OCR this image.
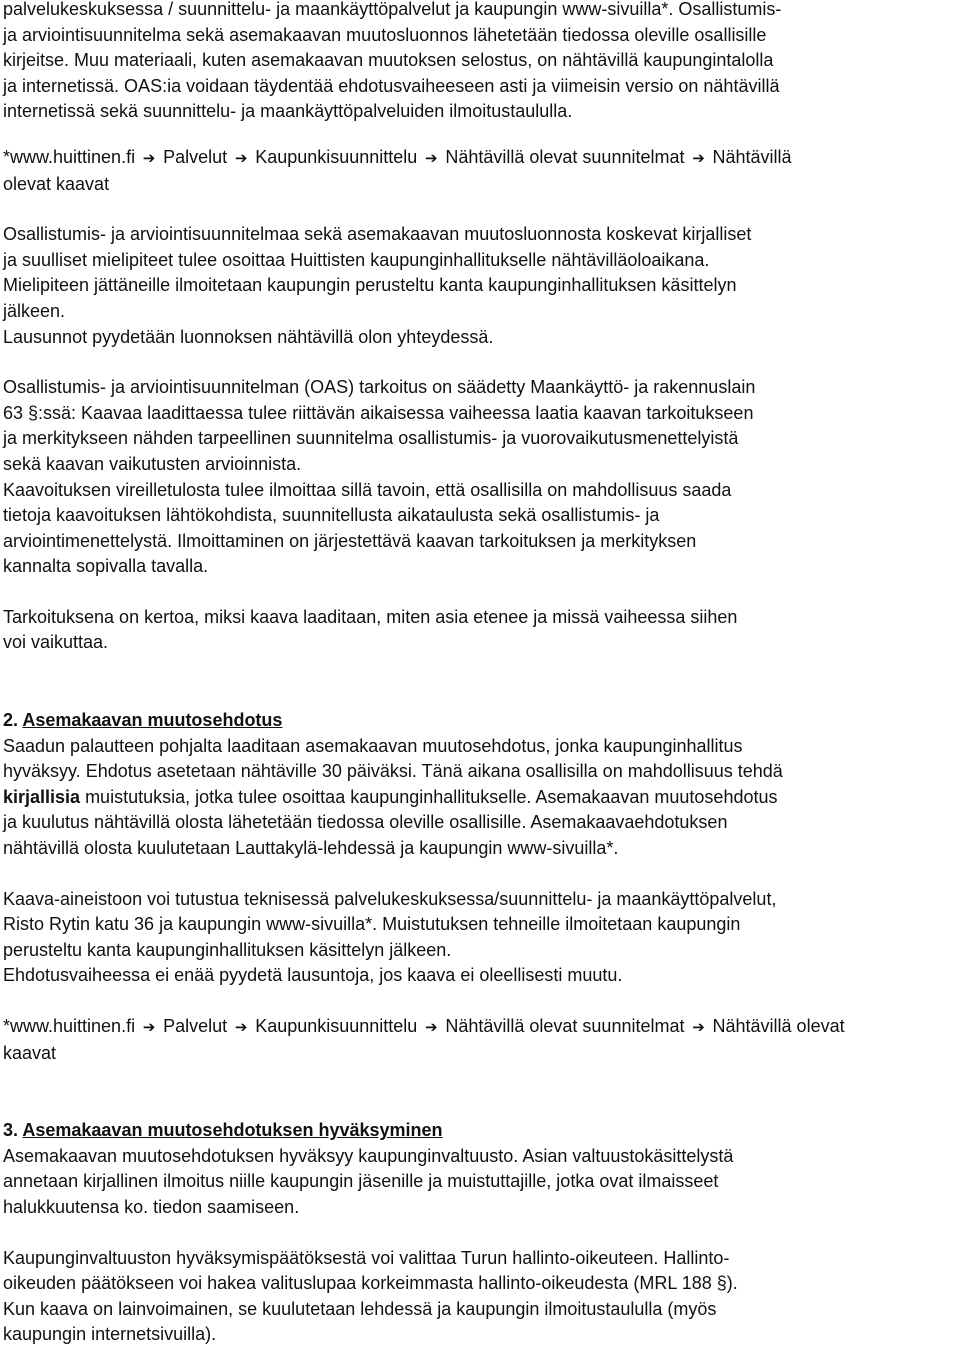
palvelukeskuksessa / suunnittelu- ja maankäyttöpalvelut ja kaupungin www-sivuilla*. Osallistumis-
ja arviointisuunnitelma sekä asemakaavan muutosluonnos lähetetään tiedossa oleville osallisille
kirjeitse. Muu materiaali, kuten asemakaavan muutoksen selostus, on nähtävillä kaupungintalolla
ja internetissä. OAS:ia voidaan täydentää ehdotusvaiheeseen asti ja viimeisin versio on nähtävillä
internetissä sekä suunnittelu- ja maankäyttöpalveluiden ilmoitustaululla.

*www.huittinen.fi ➔ Palvelut ➔ Kaupunkisuunnittelu ➔ Nähtävillä olevat suunnitelmat ➔ Nähtävillä
olevat kaavat

Osallistumis- ja arviointisuunnitelmaa sekä asemakaavan muutosluonnosta koskevat kirjalliset
ja suulliset mielipiteet tulee osoittaa Huittisten kaupunginhallitukselle nähtävilläoloaikana.
Mielipiteen jättäneille ilmoitetaan kaupungin perusteltu kanta kaupunginhallituksen käsittelyn
jälkeen.
Lausunnot pyydetään luonnoksen nähtävillä olon yhteydessä.

Osallistumis- ja arviointisuunnitelman (OAS) tarkoitus on säädetty Maankäyttö- ja rakennuslain
63 §:ssä: Kaavaa laadittaessa tulee riittävän aikaisessa vaiheessa laatia kaavan tarkoitukseen
ja merkitykseen nähden tarpeellinen suunnitelma osallistumis- ja vuorovaikutusmenettelyistä
sekä kaavan vaikutusten arvioinnista.
Kaavoituksen vireilletulosta tulee ilmoittaa sillä tavoin, että osallisilla on mahdollisuus saada
tietoja kaavoituksen lähtökohdista, suunnitellusta aikataulusta sekä osallistumis- ja
arviointimenettelystä. Ilmoittaminen on järjestettävä kaavan tarkoituksen ja merkityksen
kannalta sopivalla tavalla.

Tarkoituksena on kertoa, miksi kaava laaditaan, miten asia etenee ja missä vaiheessa siihen
voi vaikuttaa.

2. Asemakaavan muutosehdotus
Saadun palautteen pohjalta laaditaan asemakaavan muutosehdotus, jonka kaupunginhallitus
hyväksyy. Ehdotus asetetaan nähtäville 30 päiväksi. Tänä aikana osallisilla on mahdollisuus tehdä
kirjallisia muistutuksia, jotka tulee osoittaa kaupunginhallitukselle. Asemakaavan muutosehdotus
ja kuulutus nähtävillä olosta lähetetään tiedossa oleville osallisille. Asemakaavaehdotuksen
nähtävillä olosta kuulutetaan Lauttakylä-lehdessä ja kaupungin www-sivuilla*.

Kaava-aineistoon voi tutustua teknisessä palvelukeskuksessa/suunnittelu- ja maankäyttöpalvelut,
Risto Rytin katu 36 ja kaupungin www-sivuilla*. Muistutuksen tehneille ilmoitetaan kaupungin
perusteltu kanta kaupunginhallituksen käsittelyn jälkeen.
Ehdotusvaiheessa ei enää pyydetä lausuntoja, jos kaava ei oleellisesti muutu.

*www.huittinen.fi ➔ Palvelut ➔ Kaupunkisuunnittelu ➔ Nähtävillä olevat suunnitelmat ➔ Nähtävillä olevat
kaavat

3. Asemakaavan muutosehdotuksen hyväksyminen
Asemakaavan muutosehdotuksen hyväksyy kaupunginvaltuusto. Asian valtuustokäsittelystä
annetaan kirjallinen ilmoitus niille kaupungin jäsenille ja muistuttajille, jotka ovat ilmaisseet
halukkuutensa ko. tiedon saamiseen.

Kaupunginvaltuuston hyväksymispäätöksestä voi valittaa Turun hallinto-oikeuteen. Hallinto-
oikeuden päätökseen voi hakea valituslupaa korkeimmasta hallinto-oikeudesta (MRL 188 §).
Kun kaava on lainvoimainen, se kuulutetaan lehdessä ja kaupungin ilmoitustaululla (myös
kaupungin internetsivuilla).
